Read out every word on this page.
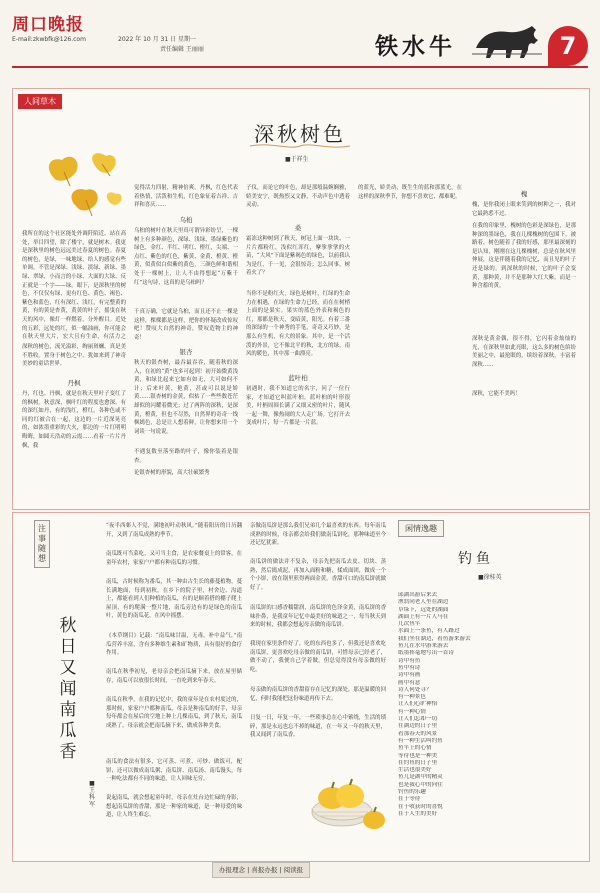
周口晚报
E-mail:zkwbfk@126.com	2022 年 10 月 31 日 星期一
责任编辑 王丽丽	铁水牛	7
人间草木
深秋树色
■于祥生
我所在的这个社区能处外调阡陌近，站在高处，举目四望，除了楼宇，就是树木。我更是深秋里的树色远远美过春夏的树色。春夏的树色，是绿，一味地绿，给人的感觉有些单调。不管是深绿、浅绿、淡绿、新绿、墨绿、翠绿，小而言的小绿、大面的大绿、反正就是一个字——绿。眼下，是深秋里的树色，不仅仅有绿，更有红色、黄色、褐色、紫色和蓝色，红有深红、浅红，有完整黄的黄，有的黄是杏黄，黄黄的叶子，摇曳在秋天的风中，像灯一样燃着，分外醒目。近处的五彩，远处的红，似一幅油画，你可能会在秋天里大片，宏大且有生命，有活力之
深秋的树色，流光溢彩，绚丽斑斓，真是美不胜收。置身于树色之中，犹如来到了神奇美妙的童话世界。
丹枫
丹，红也。丹枫，就是在秋天里叶子变红了的枫树。秋意深，枫叶红的程度也愈深，有的深红如丹，有的浅红，橙红。各种色或不同的红被合在一起，这边的一片近深晃亮的，如浓墨重彩的大火，那边的一片红明明晦晦，如圆天浩动的云霞……看着一片片丹枫，我
觉得活力四射，精神倍爽。丹枫，红色代表着热情，活泼和生机，红色象征着吉祥、吉祥和喜庆……
乌桕
乌桕的树叶在秋天里真可谓异彩纷呈，一棵树上有多种颜色，深绿、浅绿、墨绿紫色的绿色，金红、半红、明红、橙红，尖端、一点红、紫色的红色，紫黄、金黄、橙黄、橙黄，似黄似白似紫的黄色，三颜色鲜和谐相处于一棵树上，让人不由得想起“万紫千红”这句诗，这真的是乌桕吗？
千真万确，它就是乌桕，而且还不止一棵是这样，棵棵都是这样，把你的怀疑改成惊叹吧！赞叹大自然的神奇，赞叹造物主的神奇！
银杏
秋天的银杏树，最吞最吞吞，随着秋的深入，在初的“黄”也多可起到！初开始微黄浅黄，和绿比起来它如有如无，大可如何不计；后来叶黄，艳黄，甚或可以说是娇黄……银杏树的金黄，似枯了一些些数苍茫却似的闪耀着微光；过了两阵的深秋，是深黄，橙黄，但也不尽然，自然界的奇奇一线枫嫣色，总是让人想着鲜，让你想来用一个词谈一句说说。
不遇复数至落至路的叶子，像你装着是银杏。
论银杏树的形貌，高大壮硕繁秀
子仪，而论它的叶色，却是那般温婉娴雅，娇美安宁，既热烈又文静，不动声色中透着灵动。
桑
霜冻这种树到了秋天，树冠上面一块块、一片片都粉红，浅似红浑红，摩挲挲挲的火苗，“大风”下面是紫褐色的绿色，以前我认为是红，千一见，会很惊奇；怎么回事，树着火了？
当你不是粉红火，绿色是树叶，红绿的生命力在相遇，在绿的生命力已经，而在在树梢上面的是果实。果实的蓝色外表和褐色的红，那都是秋天，变暗黄，阳光。有着三番的深绿的一个神秀的手笔，奇奇又巧妙，是那么有生机，有大的景象。其中，是一个活泼的外景，它不像北平的秋，北方的绿，南风的暖色，其中那一曲漂亮。
蓝叶桕
初遇时，我不知道它的名字，问了一位行家，才知道它叫蓝叶桕。蓝叶桕的叶形很美，叶柄周围长满了又细又密的叶片，随风一起一舞，像热闹的大人走广场。它打开去变成叶片，每一片都是一片蓝。
的蓝光，娇美动，既生生的蓝和那蓝光，在这样的深秋季节，你想不喜欢它，都难呢。	槐
槐，是你我闭上眼来笑到的树种之一，我对它最熟悉不过。
在我的印象里，槐树的色彩是深绿色，是那种深的墨绿色，我在几棵槐树的包围下，被路着，树色随着了我的好感，那里最深刻的是认知，刚刚在这几棵槐树，总是在秋风里伸展，这是伴随着我的记忆，而且见的叶子还是绿的。到深秋的时候，它的叶子会变黄，那种黄，并不是那种大红大紫，而是一种含蓄的黄。
深秋是黄金偶，很不得，它闪着金灿灿的光，在深秋里如此亮眼，这么多的树色缤纷美丽之中，最抢眼的，缤纷着深秋，丰富着深秋……
深秋，它能不美吗！
注事随想
秋日又闻南瓜香
■王科军
“夜半西邨人不觉，满地初叶动秋风。”随着阳历的日历翻开，又到了南瓜成熟的季节。
南瓜既可当菜吃，又可当主食，是农家餐桌上的常客，在童年农村，家家户户都有种南瓜的习惯。
南瓜，古时候称为番瓜，其一种由古生长的藤蔓植物，蔓长满地面，每到初秋，在乡下的院子里，村舍边、沟道上，都能看到人们种植的南瓜，有的是顺着搭的棚子爬上屋顶，有的爬满一整片地，南瓜旁边有的是绿色的南瓜叶，黄色的南瓜花，在风中摇摆。
《本草纲目》记载：“南瓜味甘温，无毒，补中益气。”南瓜营养丰富，含有多种维生素和矿物质，具有很好的食疗作用。
南瓜在秋季初见，老母亲会把南瓜摘下来，放在屋里储存，南瓜可以放很长时间，一直吃到来年春天。
南瓜在秋季，在我的记忆中，我的童年是在农村度过的，那时候，家家户户都种南瓜，母亲是种南瓜的好手，母亲每年都会在屋后的空地上种上几棵南瓜，到了秋天，南瓜成熟了，母亲就会把南瓜摘下来，做成各种美食。
南瓜的食法有很多，它可蒸、可煮、可炒、做饭可，配饼，还可以做成南瓜粥、南瓜饼、南瓜汤、南瓜馒头，每一种吃法都有不同的味道，让人回味无穷。
说起南瓜，就会想起童年时，母亲在灶台边忙碌的身影，想起南瓜饼的香甜，那是一种家的味道，是一种母爱的味道，让人终生难忘。
亲做南瓜饼是那么我们兄弟几个最喜欢的东西。每年南瓜成熟的时候，母亲都会给我们做南瓜饼吃，那种味道至今还记忆犹新。
南瓜饼的做法并不复杂，母亲先把南瓜去皮、切块、蒸熟，然后捣成泥，再加入面粉和糖，揉成面团，做成一个个小饼，放在锅里煎得两面金黄，香甜可口的南瓜饼就做好了。
南瓜饼的口感香糯甜润，南瓜饼的色泽金黄，南瓜饼的香味扑鼻，是我童年记忆中最美好的味道之一，每当秋天到来的时候，我都会想起母亲做的南瓜饼。
我现在家里条件好了，吃的东西也多了，但我还是喜欢吃南瓜饼，更喜欢吃母亲做的南瓜饼，可惜母亲已经老了，做不动了，我便自己学着做，但总觉得没有母亲做的好吃。
母亲做的南瓜饼的香甜留存在记忆的深处，那是温暖的回忆，何时我能把这份味道再传下去。
日复一日，年复一年，一些琐事总在心中萦绕，生活的琐碎，那是永远也忘不掉的味道，在一年又一年的秋天里，我又闻到了南瓜香。
闲情逸趣
钓鱼
■徐桂英
邱湖出游后来去
渔翁同老人坐在湖边
草垛下，远处的湖面
湖面上有一片人马在
几次鱼竿
水面上一条鱼，有人路过
我们坐在湖边，看鱼游来游去
鱼儿在水中游来游去
纸墨挥毫地写出一首诗
诗中有鱼
鱼中有诗
诗中有画
画中有意
诗人何处寻？
有一种景色
让人们心旷神怡
有一种心情
让人们忘却一切
在湖边的日子里
看那春天的风景
有一种生活叫钓鱼
鱼竿上的心情
等待也是一种美
在钓鱼的日子里
生活也很美好
鱼儿是湖中的精灵
也是我心中的向往
钓鱼的乐趣
在于等待
在于收获时的喜悦
在于人生的美好
办报理念 | 喜报办报 | 阅读报
